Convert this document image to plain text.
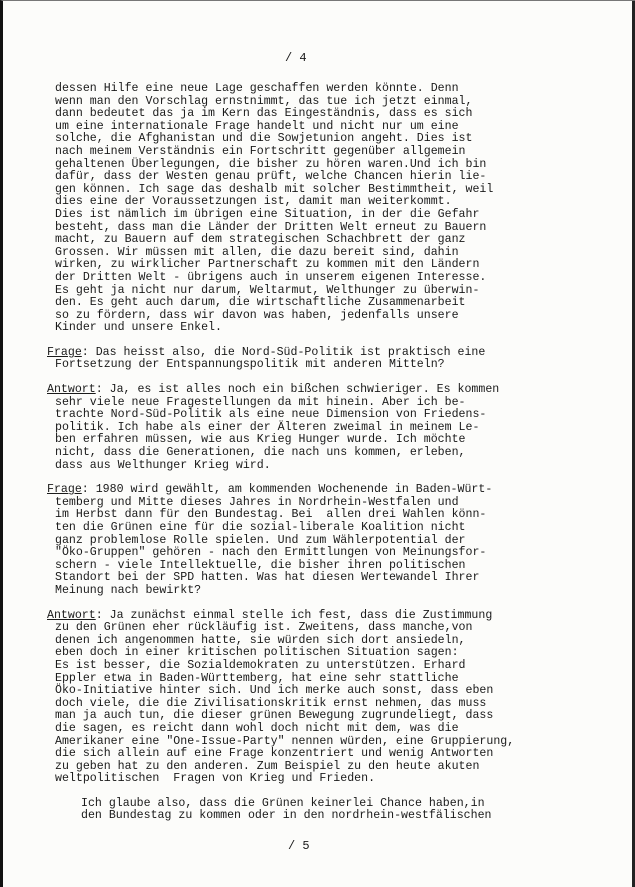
/ 4
dessen Hilfe eine neue Lage geschaffen werden könnte. Denn
wenn man den Vorschlag ernstnimmt, das tue ich jetzt einmal,
dann bedeutet das ja im Kern das Eingeständnis, dass es sich
um eine internationale Frage handelt und nicht nur um eine
solche, die Afghanistan und die Sowjetunion angeht. Dies ist
nach meinem Verständnis ein Fortschritt gegenüber allgemein
gehaltenen Überlegungen, die bisher zu hören waren.Und ich bin
dafür, dass der Westen genau prüft, welche Chancen hierin lie-
gen können. Ich sage das deshalb mit solcher Bestimmtheit, weil
dies eine der Voraussetzungen ist, damit man weiterkommt.
Dies ist nämlich im übrigen eine Situation, in der die Gefahr
besteht, dass man die Länder der Dritten Welt erneut zu Bauern
macht, zu Bauern auf dem strategischen Schachbrett der ganz
Grossen. Wir müssen mit allen, die dazu bereit sind, dahin
wirken, zu wirklicher Partnerschaft zu kommen mit den Ländern
der Dritten Welt - übrigens auch in unserem eigenen Interesse.
Es geht ja nicht nur darum, Weltarmut, Welthunger zu überwin-
den. Es geht auch darum, die wirtschaftliche Zusammenarbeit
so zu fördern, dass wir davon was haben, jedenfalls unsere
Kinder und unsere Enkel.
Frage: Das heisst also, die Nord-Süd-Politik ist praktisch eine
Fortsetzung der Entspannungspolitik mit anderen Mitteln?
Antwort: Ja, es ist alles noch ein bißchen schwieriger. Es kommen
sehr viele neue Fragestellungen da mit hinein. Aber ich be-
trachte Nord-Süd-Politik als eine neue Dimension von Friedens-
politik. Ich habe als einer der Älteren zweimal in meinem Le-
ben erfahren müssen, wie aus Krieg Hunger wurde. Ich möchte
nicht, dass die Generationen, die nach uns kommen, erleben,
dass aus Welthunger Krieg wird.
Frage: 1980 wird gewählt, am kommenden Wochenende in Baden-Würt-
temberg und Mitte dieses Jahres in Nordrhein-Westfalen und
im Herbst dann für den Bundestag. Bei  allen drei Wahlen könn-
ten die Grünen eine für die sozial-liberale Koalition nicht
ganz problemlose Rolle spielen. Und zum Wählerpotential der
"Öko-Gruppen" gehören - nach den Ermittlungen von Meinungsfor-
schern - viele Intellektuelle, die bisher ihren politischen
Standort bei der SPD hatten. Was hat diesen Wertewandel Ihrer
Meinung nach bewirkt?
Antwort: Ja zunächst einmal stelle ich fest, dass die Zustimmung
zu den Grünen eher rückläufig ist. Zweitens, dass manche,von
denen ich angenommen hatte, sie würden sich dort ansiedeln,
eben doch in einer kritischen politischen Situation sagen:
Es ist besser, die Sozialdemokraten zu unterstützen. Erhard
Eppler etwa in Baden-Württemberg, hat eine sehr stattliche
Öko-Initiative hinter sich. Und ich merke auch sonst, dass eben
doch viele, die die Zivilisationskritik ernst nehmen, das muss
man ja auch tun, die dieser grünen Bewegung zugrundeliegt, dass
die sagen, es reicht dann wohl doch nicht mit dem, was die
Amerikaner eine "One-Issue-Party" nennen würden, eine Gruppierung,
die sich allein auf eine Frage konzentriert und wenig Antworten
zu geben hat zu den anderen. Zum Beispiel zu den heute akuten
weltpolitischen  Fragen von Krieg und Frieden.
Ich glaube also, dass die Grünen keinerlei Chance haben,in
den Bundestag zu kommen oder in den nordrhein-westfälischen
/ 5
